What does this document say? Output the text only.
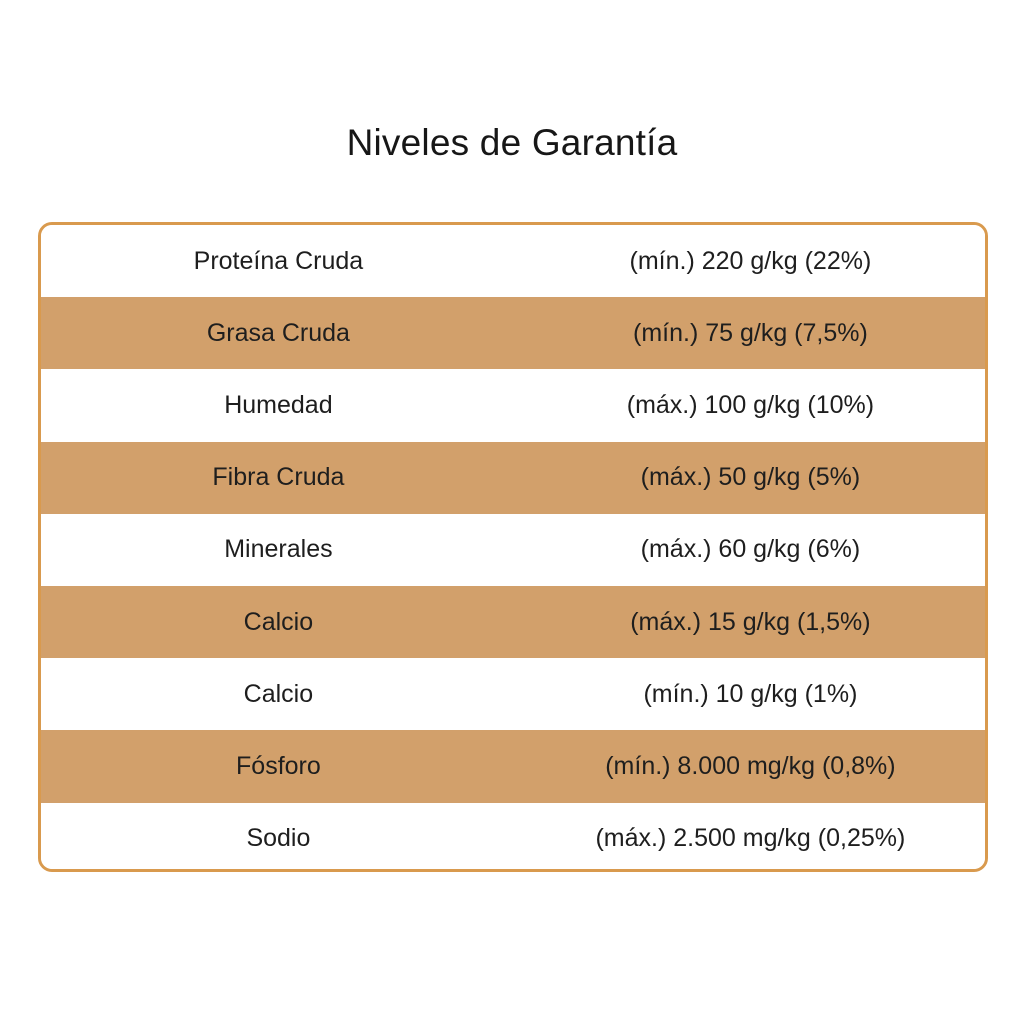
Niveles de Garantía
Proteína Cruda	(mín.) 220 g/kg (22%)
Grasa Cruda	(mín.) 75 g/kg (7,5%)
Humedad	(máx.) 100 g/kg (10%)
Fibra Cruda	(máx.) 50 g/kg (5%)
Minerales	(máx.) 60 g/kg (6%)
Calcio	(máx.) 15 g/kg (1,5%)
Calcio	(mín.) 10 g/kg (1%)
Fósforo	(mín.) 8.000 mg/kg (0,8%)
Sodio	(máx.) 2.500 mg/kg (0,25%)
